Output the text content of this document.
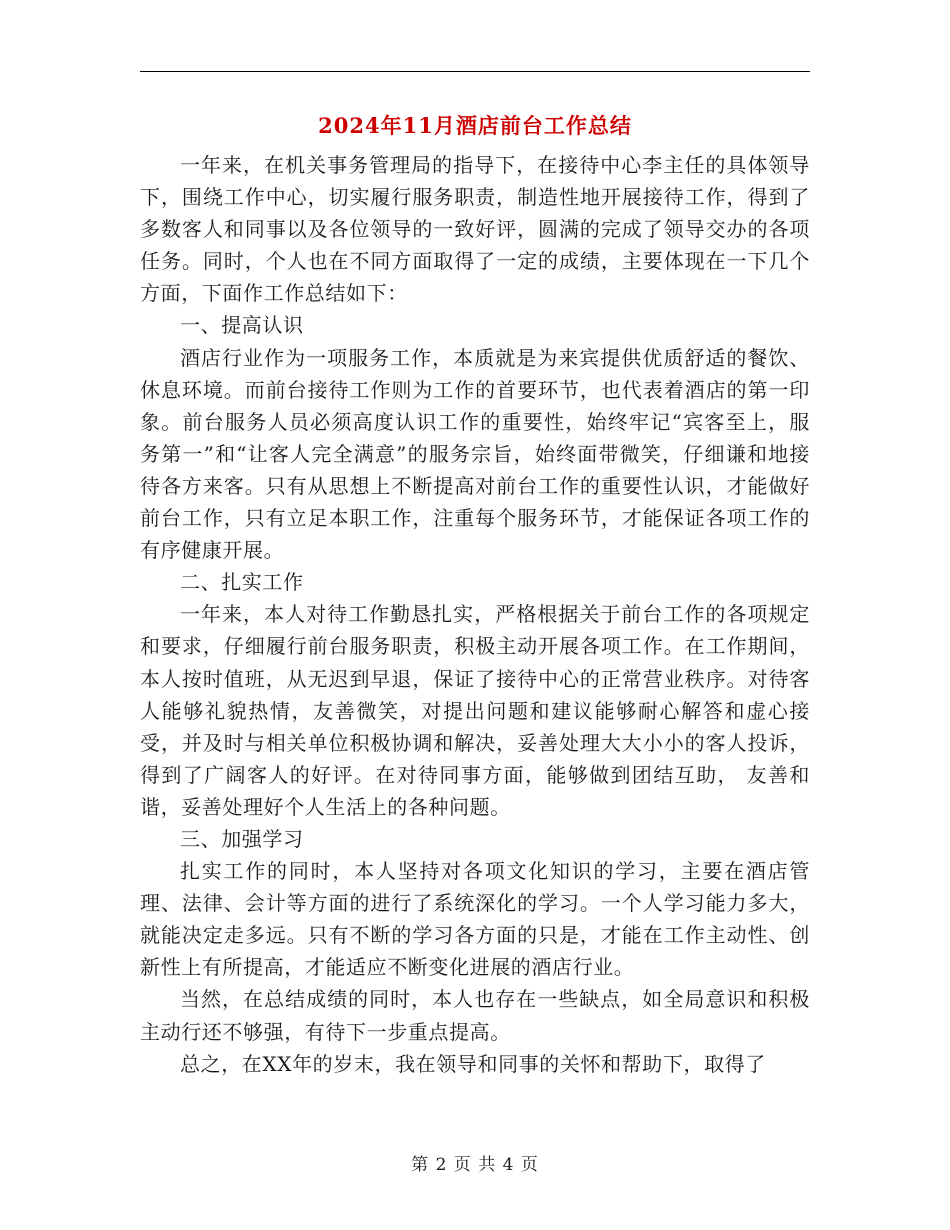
2024年11月酒店前台工作总结

一年来，在机关事务管理局的指导下，在接待中心李主任的具体领导下，围绕工作中心，切实履行服务职责，制造性地开展接待工作，得到了多数客人和同事以及各位领导的一致好评，圆满的完成了领导交办的各项任务。同时，个人也在不同方面取得了一定的成绩，主要体现在一下几个方面，下面作工作总结如下：

一、提高认识

酒店行业作为一项服务工作，本质就是为来宾提供优质舒适的餐饮、休息环境。而前台接待工作则为工作的首要环节，也代表着酒店的第一印象。前台服务人员必须高度认识工作的重要性，始终牢记“宾客至上，服务第一”和“让客人完全满意”的服务宗旨，始终面带微笑，仔细谦和地接待各方来客。只有从思想上不断提高对前台工作的重要性认识，才能做好前台工作，只有立足本职工作，注重每个服务环节，才能保证各项工作的有序健康开展。

二、扎实工作

一年来，本人对待工作勤恳扎实，严格根据关于前台工作的各项规定和要求，仔细履行前台服务职责，积极主动开展各项工作。在工作期间，本人按时值班，从无迟到早退，保证了接待中心的正常营业秩序。对待客人能够礼貌热情，友善微笑，对提出问题和建议能够耐心解答和虚心接受，并及时与相关单位积极协调和解决，妥善处理大大小小的客人投诉，得到了广阔客人的好评。在对待同事方面，能够做到团结互助， 友善和谐，妥善处理好个人生活上的各种问题。

三、加强学习

扎实工作的同时，本人坚持对各项文化知识的学习，主要在酒店管理、法律、会计等方面的进行了系统深化的学习。一个人学习能力多大，就能决定走多远。只有不断的学习各方面的只是，才能在工作主动性、创新性上有所提高，才能适应不断变化进展的酒店行业。

当然，在总结成绩的同时，本人也存在一些缺点，如全局意识和积极主动行还不够强，有待下一步重点提高。

总之，在XX年的岁末，我在领导和同事的关怀和帮助下，取得了

第 2 页 共 4 页
